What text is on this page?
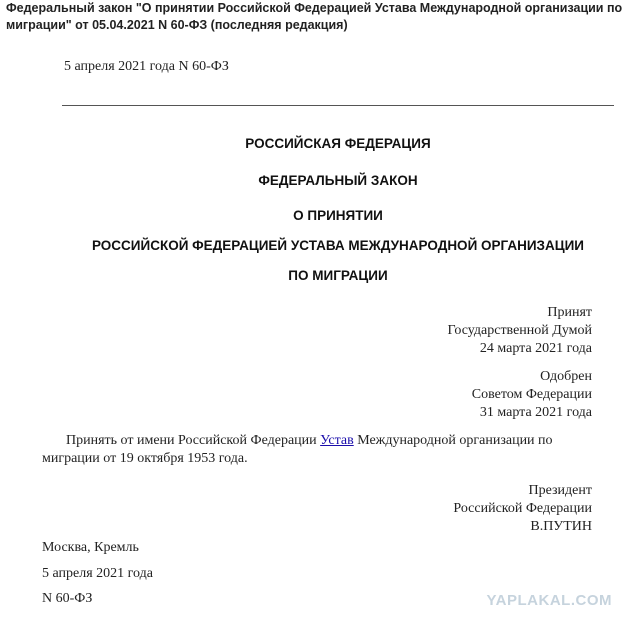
Федеральный закон "О принятии Российской Федерацией Устава Международной организации по миграции" от 05.04.2021 N 60-ФЗ (последняя редакция)
5 апреля 2021 года N 60-ФЗ
РОССИЙСКАЯ ФЕДЕРАЦИЯ
ФЕДЕРАЛЬНЫЙ ЗАКОН
О ПРИНЯТИИ
РОССИЙСКОЙ ФЕДЕРАЦИЕЙ УСТАВА МЕЖДУНАРОДНОЙ ОРГАНИЗАЦИИ
ПО МИГРАЦИИ
Принят
Государственной Думой
24 марта 2021 года
Одобрен
Советом Федерации
31 марта 2021 года
Принять от имени Российской Федерации Устав Международной организации по миграции от 19 октября 1953 года.
Президент
Российской Федерации
В.ПУТИН
Москва, Кремль
5 апреля 2021 года
N 60-ФЗ	YAPLAKAL.COM
